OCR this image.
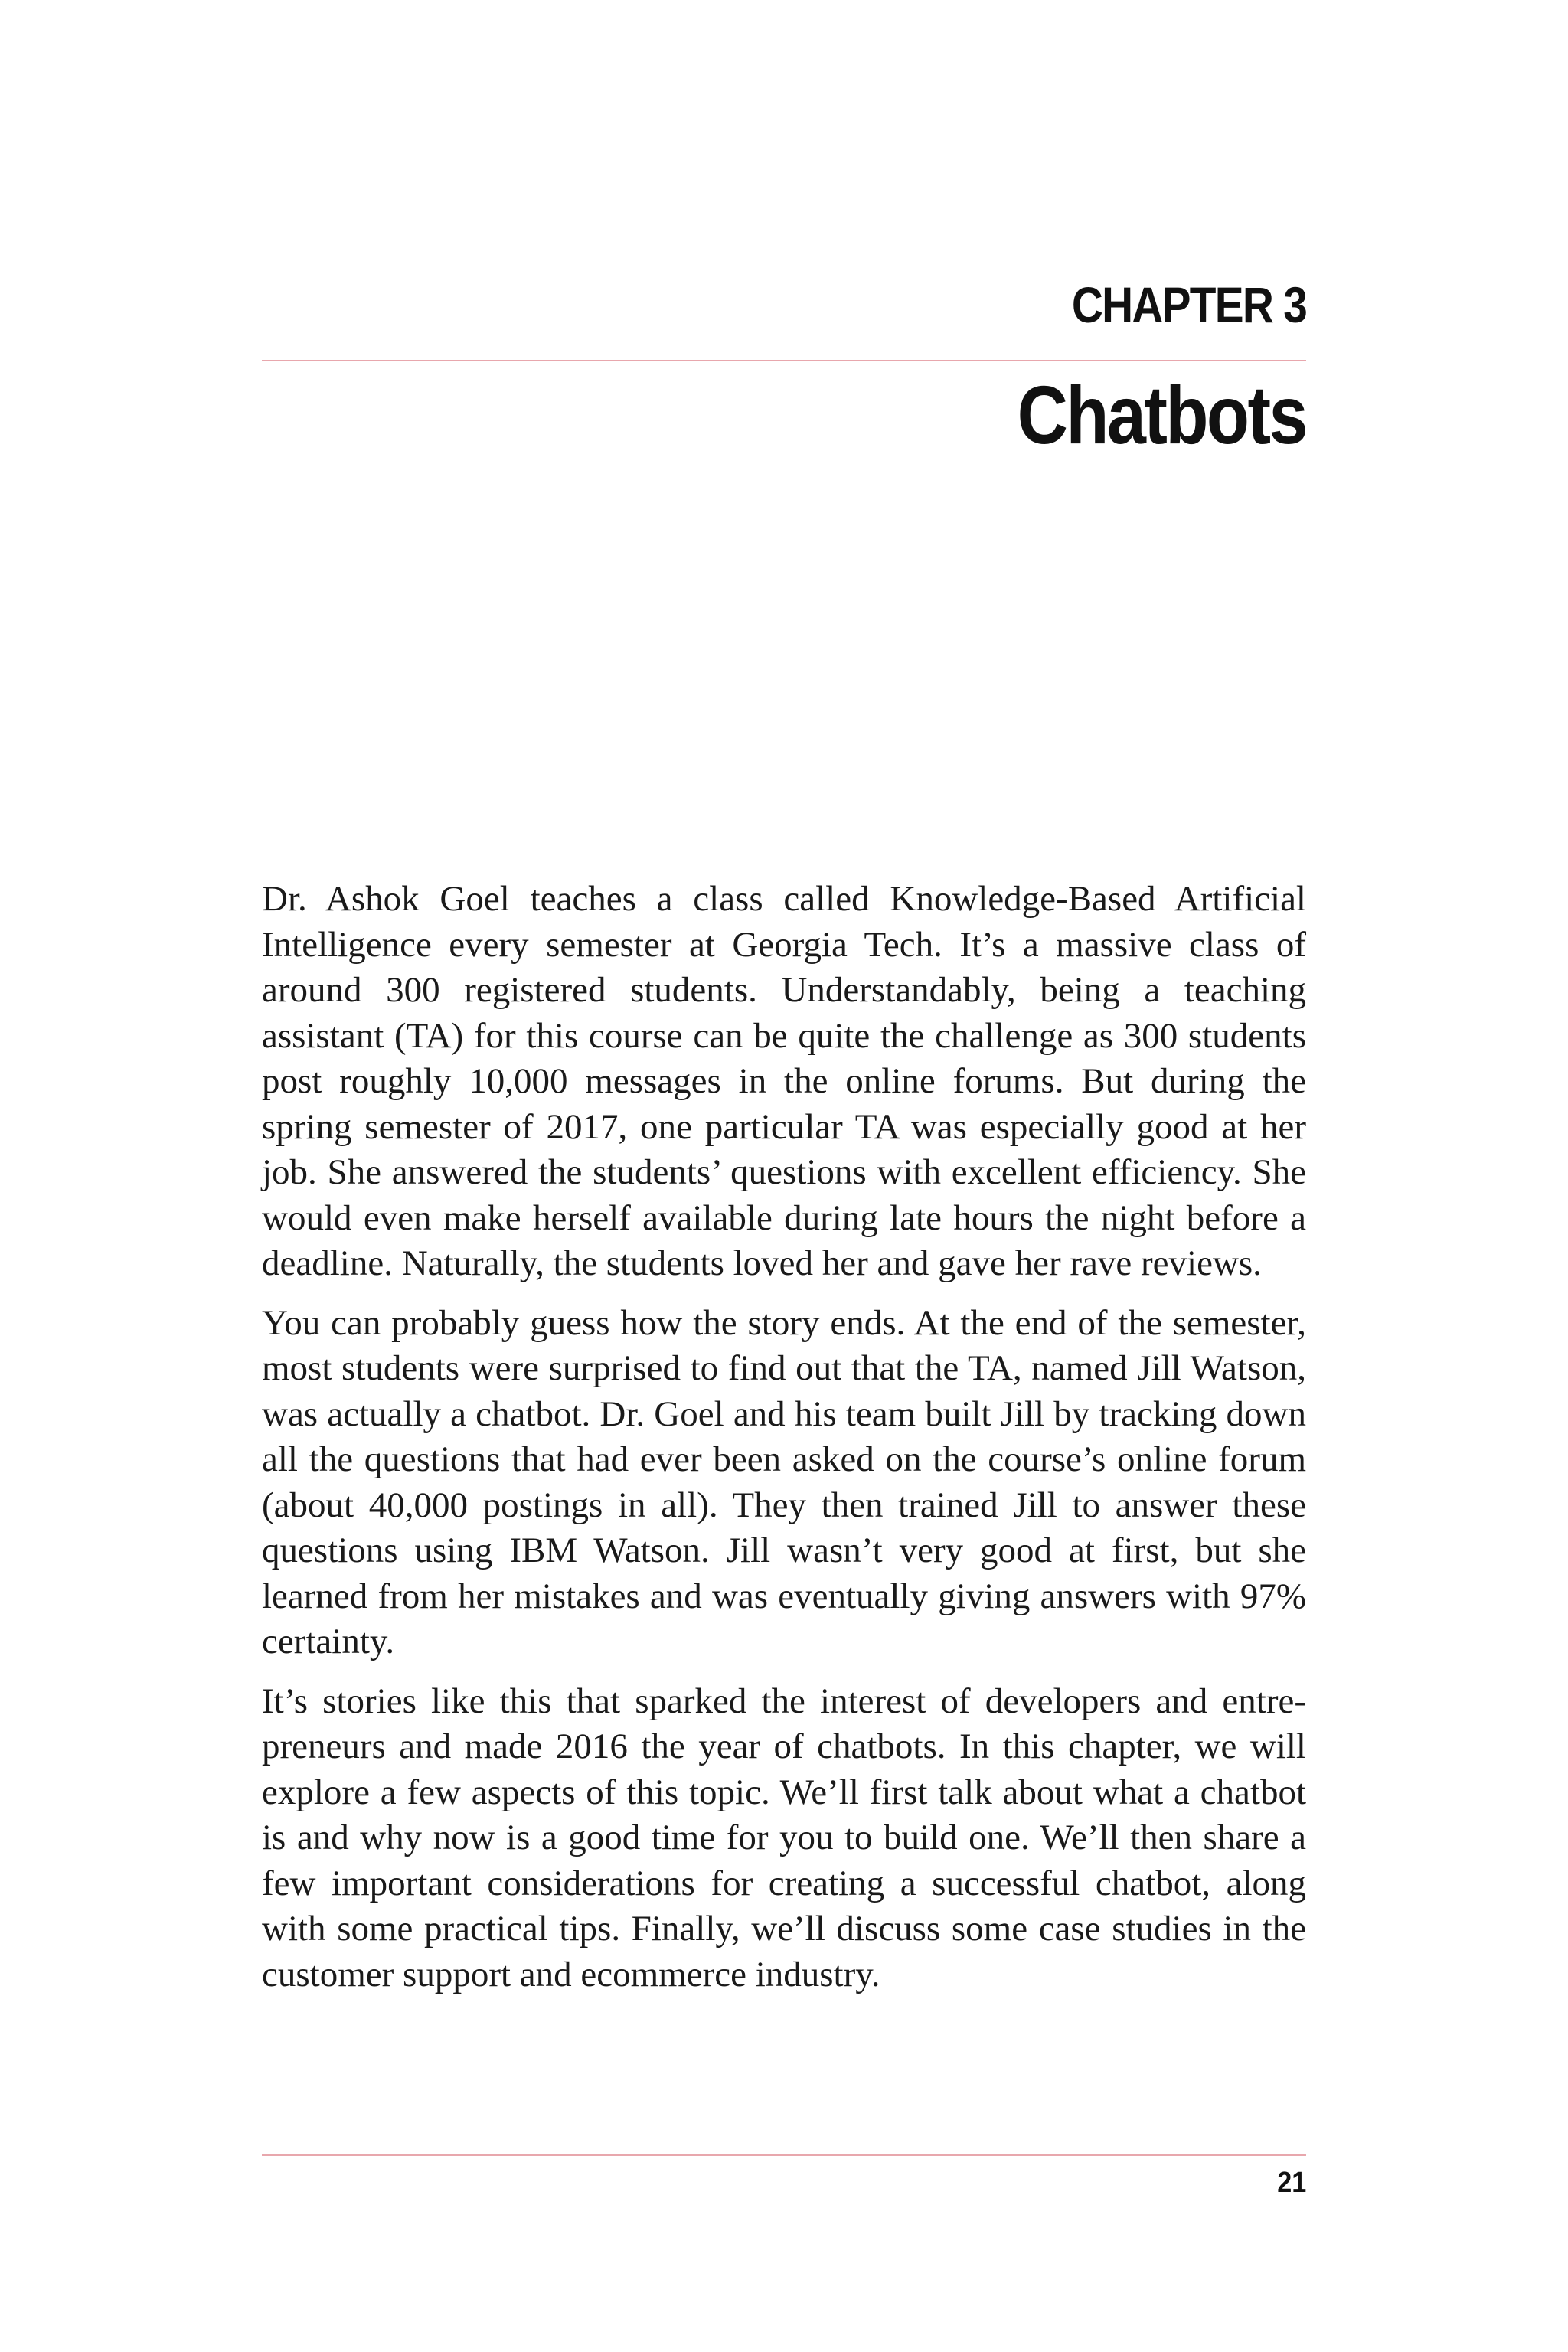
CHAPTER 3
Chatbots

Dr. Ashok Goel teaches a class called Knowledge-Based Artificial Intelligence every semester at Georgia Tech. It’s a massive class of around 300 registered students. Understandably, being a teaching assistant (TA) for this course can be quite the challenge as 300 students post roughly 10,000 messages in the online forums. But during the spring semester of 2017, one particular TA was especially good at her job. She answered the students’ questions with excellent efficiency. She would even make herself available during late hours the night before a deadline. Naturally, the students loved her and gave her rave reviews.

You can probably guess how the story ends. At the end of the semester, most students were surprised to find out that the TA, named Jill Watson, was actually a chatbot. Dr. Goel and his team built Jill by tracking down all the questions that had ever been asked on the course’s online forum (about 40,000 postings in all). They then trained Jill to answer these questions using IBM Watson. Jill wasn’t very good at first, but she learned from her mistakes and was eventually giving answers with 97% certainty.

It’s stories like this that sparked the interest of developers and entrepreneurs and made 2016 the year of chatbots. In this chapter, we will explore a few aspects of this topic. We’ll first talk about what a chatbot is and why now is a good time for you to build one. We’ll then share a few important considerations for creating a successful chatbot, along with some practical tips. Finally, we’ll discuss some case studies in the customer support and ecommerce industry.

21
